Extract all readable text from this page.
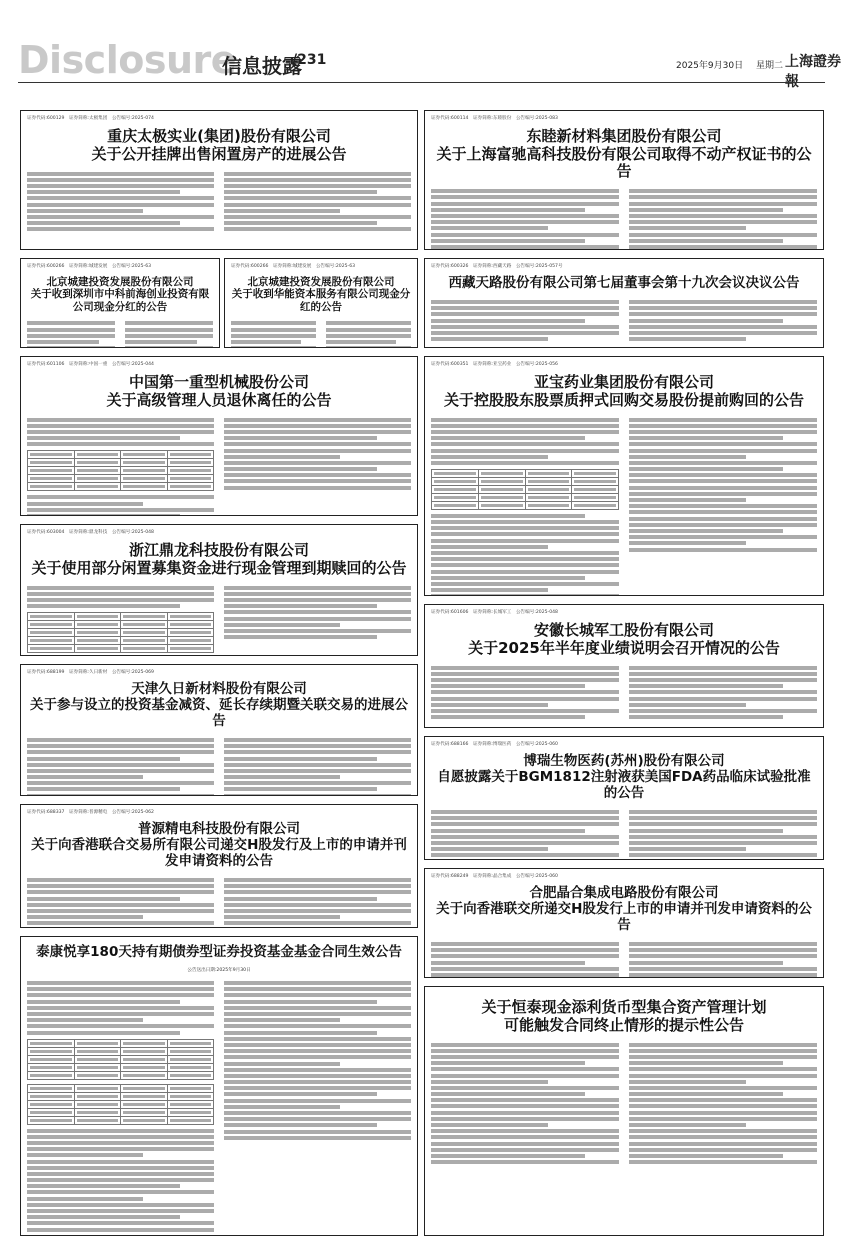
Disclosure
信息披露
/231	2025年9月30日 星期二 上海證券報
证券代码:600129　证券简称:太极集团　公告编号:2025-074
重庆太极实业(集团)股份有限公司
关于公开挂牌出售闲置房产的进展公告
证券代码:600114　证券简称:东睦股份　公告编号:2025-083
东睦新材料集团股份有限公司
关于上海富驰高科技股份有限公司取得不动产权证书的公告
证券代码:600266　证券简称:城建发展　公告编号:2025-63
北京城建投资发展股份有限公司
关于收到深圳市中科前海创业投资有限公司现金分红的公告
证券代码:600266　证券简称:城建发展　公告编号:2025-63
北京城建投资发展股份有限公司
关于收到华能资本服务有限公司现金分红的公告
证券代码:600326　证券简称:西藏天路　公告编号:2025-057号
西藏天路股份有限公司第七届董事会第十九次会议决议公告
证券代码:601106　证券简称:中国一重　公告编号:2025-044
中国第一重型机械股份公司
关于高级管理人员退休离任的公告

证券代码:600351　证券简称:亚宝药业　公告编号:2025-056
亚宝药业集团股份有限公司
关于控股股东股票质押式回购交易股份提前购回的公告

证券代码:603004　证券简称:鼎龙科技　公告编号:2025-048
浙江鼎龙科技股份有限公司
关于使用部分闲置募集资金进行现金管理到期赎回的公告

证券代码:601606　证券简称:长城军工　公告编号:2025-048
安徽长城军工股份有限公司
关于2025年半年度业绩说明会召开情况的公告
证券代码:688199　证券简称:久日新材　公告编号:2025-069
天津久日新材料股份有限公司
关于参与设立的投资基金减资、延长存续期暨关联交易的进展公告
证券代码:688166　证券简称:博瑞医药　公告编号:2025-060
博瑞生物医药(苏州)股份有限公司
自愿披露关于BGM1812注射液获美国FDA药品临床试验批准的公告
证券代码:688337　证券简称:普源精电　公告编号:2025-062
普源精电科技股份有限公司
关于向香港联合交易所有限公司递交H股发行及上市的申请并刊发申请资料的公告
证券代码:688249　证券简称:晶合集成　公告编号:2025-060
合肥晶合集成电路股份有限公司
关于向香港联交所递交H股发行上市的申请并刊发申请资料的公告
泰康悦享180天持有期债券型证券投资基金基金合同生效公告
公告送出日期:2025年9月30日

关于恒泰现金添利货币型集合资产管理计划
可能触发合同终止情形的提示性公告
